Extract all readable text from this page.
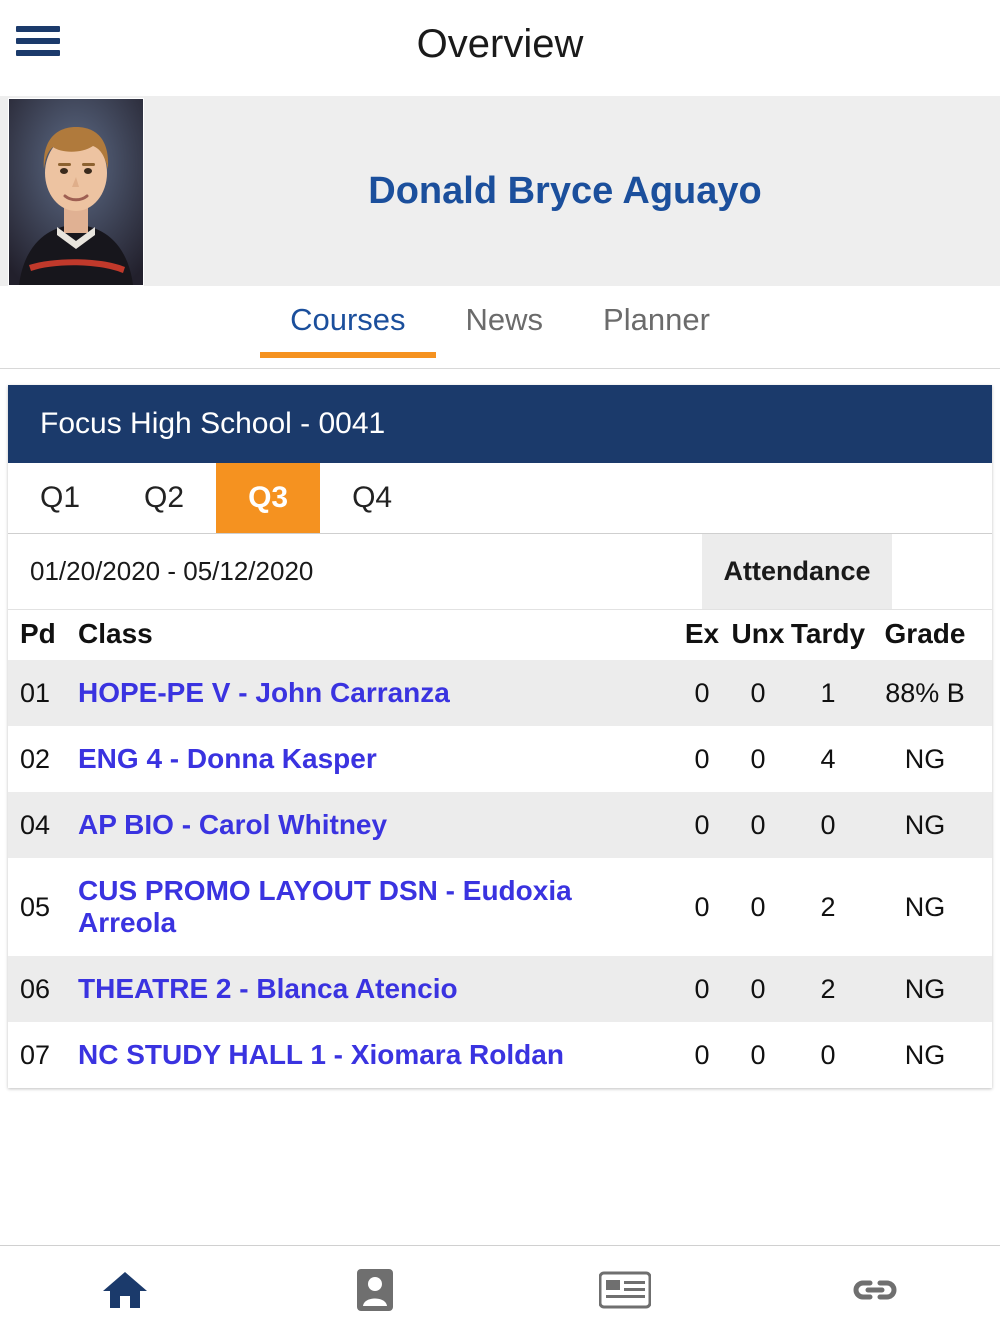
Overview
Donald Bryce Aguayo
Courses	News	Planner
Focus High School - 0041
Q1	Q2	Q3	Q4
01/20/2020 - 05/12/2020	Attendance
Pd	Class	Ex	Unx	Tardy	Grade
01	HOPE-PE V - John Carranza	0	0	1	88% B
02	ENG 4 - Donna Kasper	0	0	4	NG
04	AP BIO - Carol Whitney	0	0	0	NG
05	CUS PROMO LAYOUT DSN - Eudoxia Arreola	0	0	2	NG
06	THEATRE 2 - Blanca Atencio	0	0	2	NG
07	NC STUDY HALL 1 - Xiomara Roldan	0	0	0	NG
